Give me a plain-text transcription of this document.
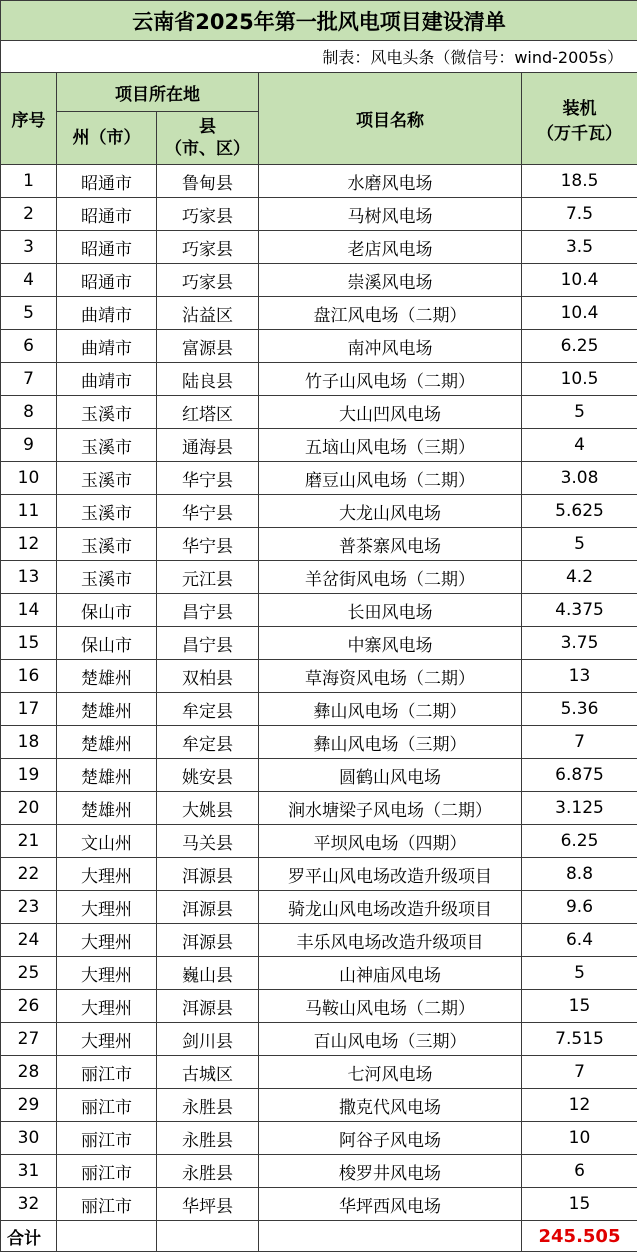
云南省2025年第一批风电项目建设清单				
制表：风电头条（微信号：wind-2005s）				
序号	项目所在地		项目名称	装机
（万千瓦）

	州（市）	县
（市、区）		

1	昭通市	鲁甸县	水磨风电场	18.5
2	昭通市	巧家县	马树风电场	7.5
3	昭通市	巧家县	老店风电场	3.5
4	昭通市	巧家县	崇溪风电场	10.4
5	曲靖市	沾益区	盘江风电场（二期）	10.4
6	曲靖市	富源县	南冲风电场	6.25
7	曲靖市	陆良县	竹子山风电场（二期）	10.5
8	玉溪市	红塔区	大山凹风电场	5
9	玉溪市	通海县	五垴山风电场（三期）	4
10	玉溪市	华宁县	磨豆山风电场（二期）	3.08
11	玉溪市	华宁县	大龙山风电场	5.625
12	玉溪市	华宁县	普茶寨风电场	5
13	玉溪市	元江县	羊岔街风电场（二期）	4.2
14	保山市	昌宁县	长田风电场	4.375
15	保山市	昌宁县	中寨风电场	3.75
16	楚雄州	双柏县	草海资风电场（二期）	13
17	楚雄州	牟定县	彝山风电场（二期）	5.36
18	楚雄州	牟定县	彝山风电场（三期）	7
19	楚雄州	姚安县	圆鹤山风电场	6.875
20	楚雄州	大姚县	涧水塘梁子风电场（二期）	3.125
21	文山州	马关县	平坝风电场（四期）	6.25
22	大理州	洱源县	罗平山风电场改造升级项目	8.8
23	大理州	洱源县	骑龙山风电场改造升级项目	9.6
24	大理州	洱源县	丰乐风电场改造升级项目	6.4
25	大理州	巍山县	山神庙风电场	5
26	大理州	洱源县	马鞍山风电场（二期）	15
27	大理州	剑川县	百山风电场（三期）	7.515
28	丽江市	古城区	七河风电场	7
29	丽江市	永胜县	撒克代风电场	12
30	丽江市	永胜县	阿谷子风电场	10
31	丽江市	永胜县	梭罗井风电场	6
32	丽江市	华坪县	华坪西风电场	15
合计				245.505
